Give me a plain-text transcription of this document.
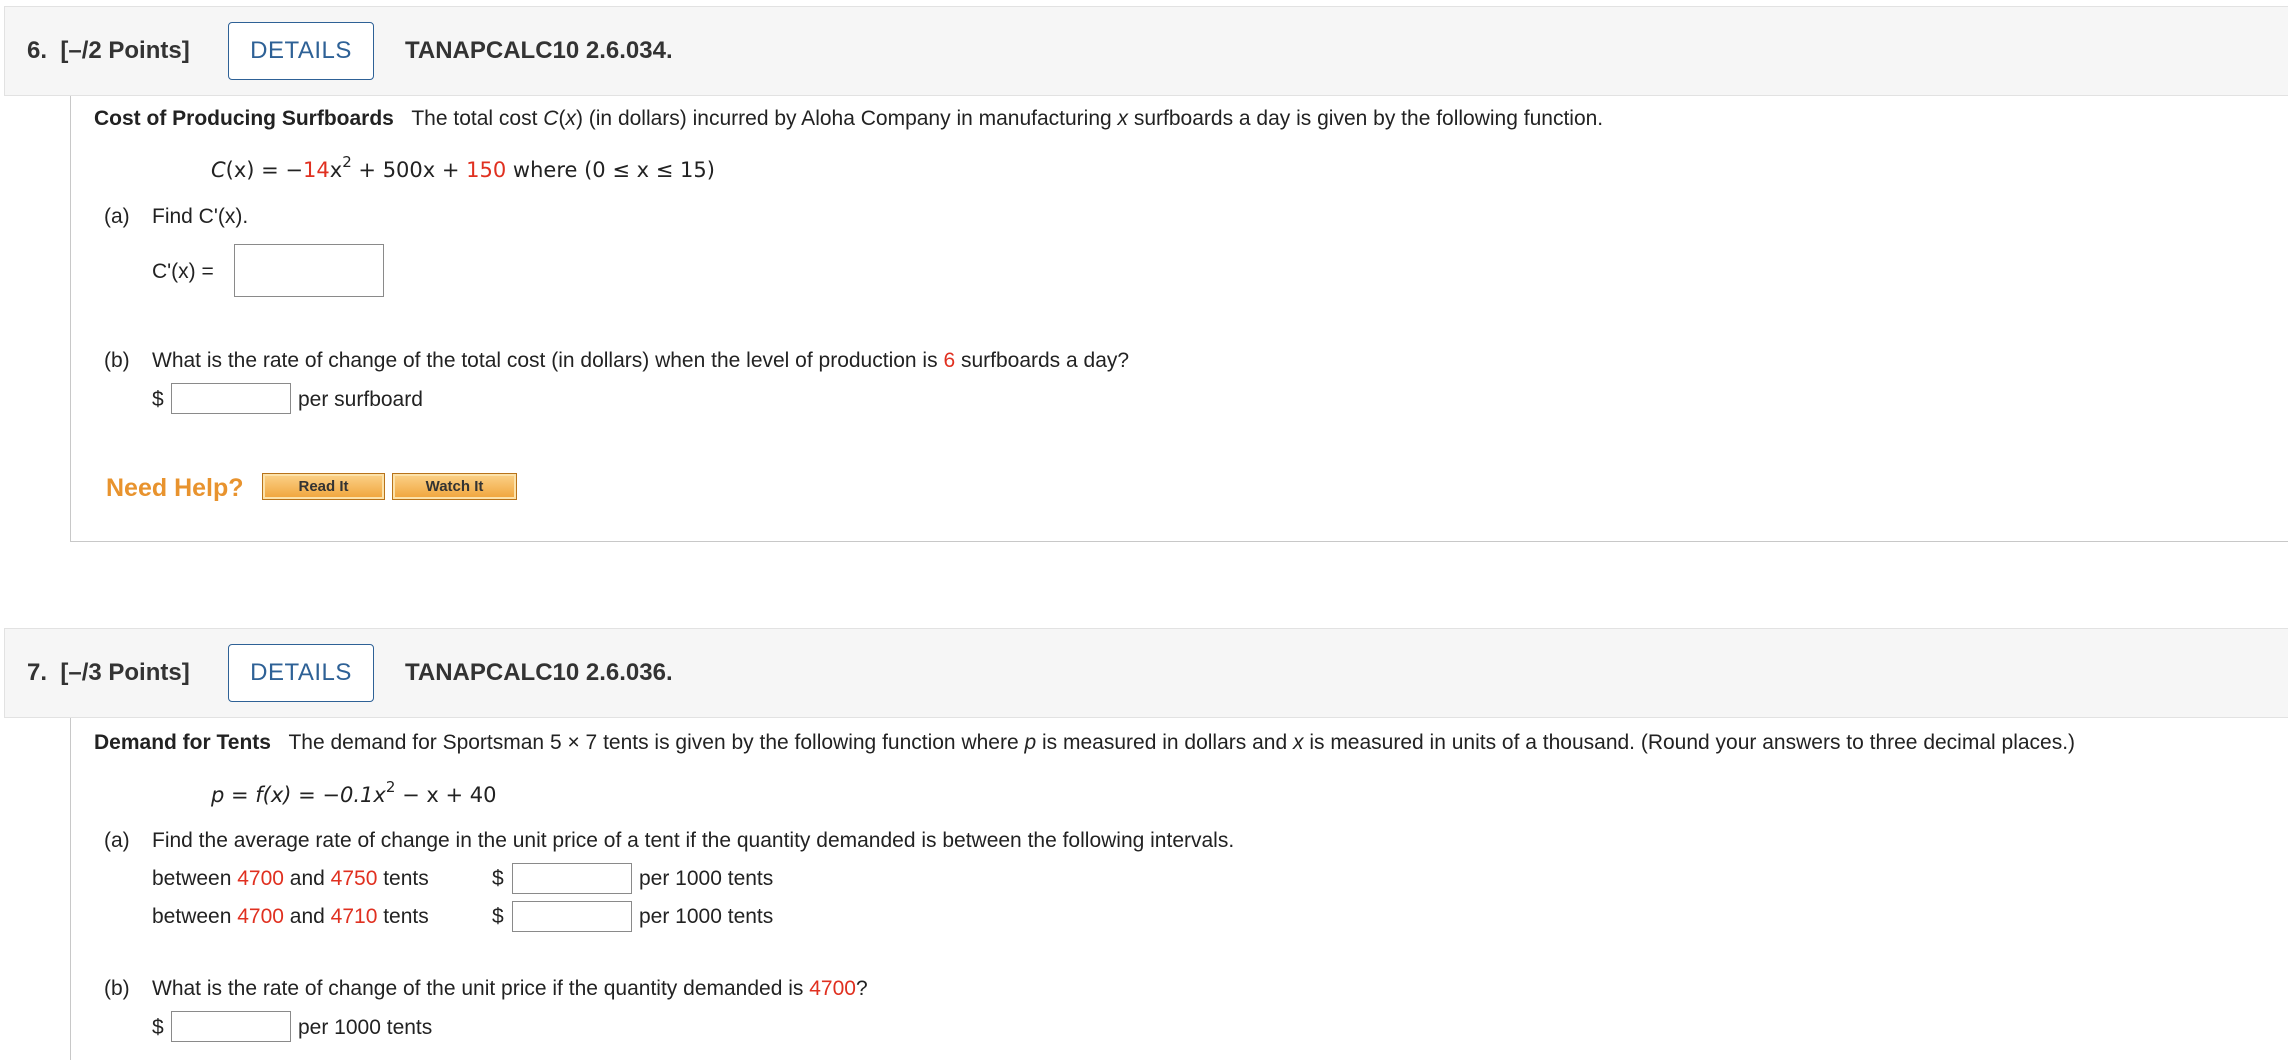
6. [–/2 Points]	DETAILS	TANAPCALC10 2.6.034.
Cost of Producing Surfboards The total cost C(x) (in dollars) incurred by Aloha Company in manufacturing x surfboards a day is given by the following function.
$C(x) = -14x^2 + 500x + 150$ where (0 ≤ x ≤ 15)
(a) Find C'(x).
C'(x) =
(b) What is the rate of change of the total cost (in dollars) when the level of production is 6 surfboards a day?
$	per surfboard
Need Help?	Read It	Watch It
7. [–/3 Points]	DETAILS	TANAPCALC10 2.6.036.
Demand for Tents The demand for Sportsman 5 × 7 tents is given by the following function where p is measured in dollars and x is measured in units of a thousand. (Round your answers to three decimal places.)
$p = f(x) = -0.1x^2 - x + 40$
(a) Find the average rate of change in the unit price of a tent if the quantity demanded is between the following intervals.
between 4700 and 4750 tents	$	per 1000 tents
between 4700 and 4710 tents	$	per 1000 tents
(b) What is the rate of change of the unit price if the quantity demanded is 4700?
$	per 1000 tents
